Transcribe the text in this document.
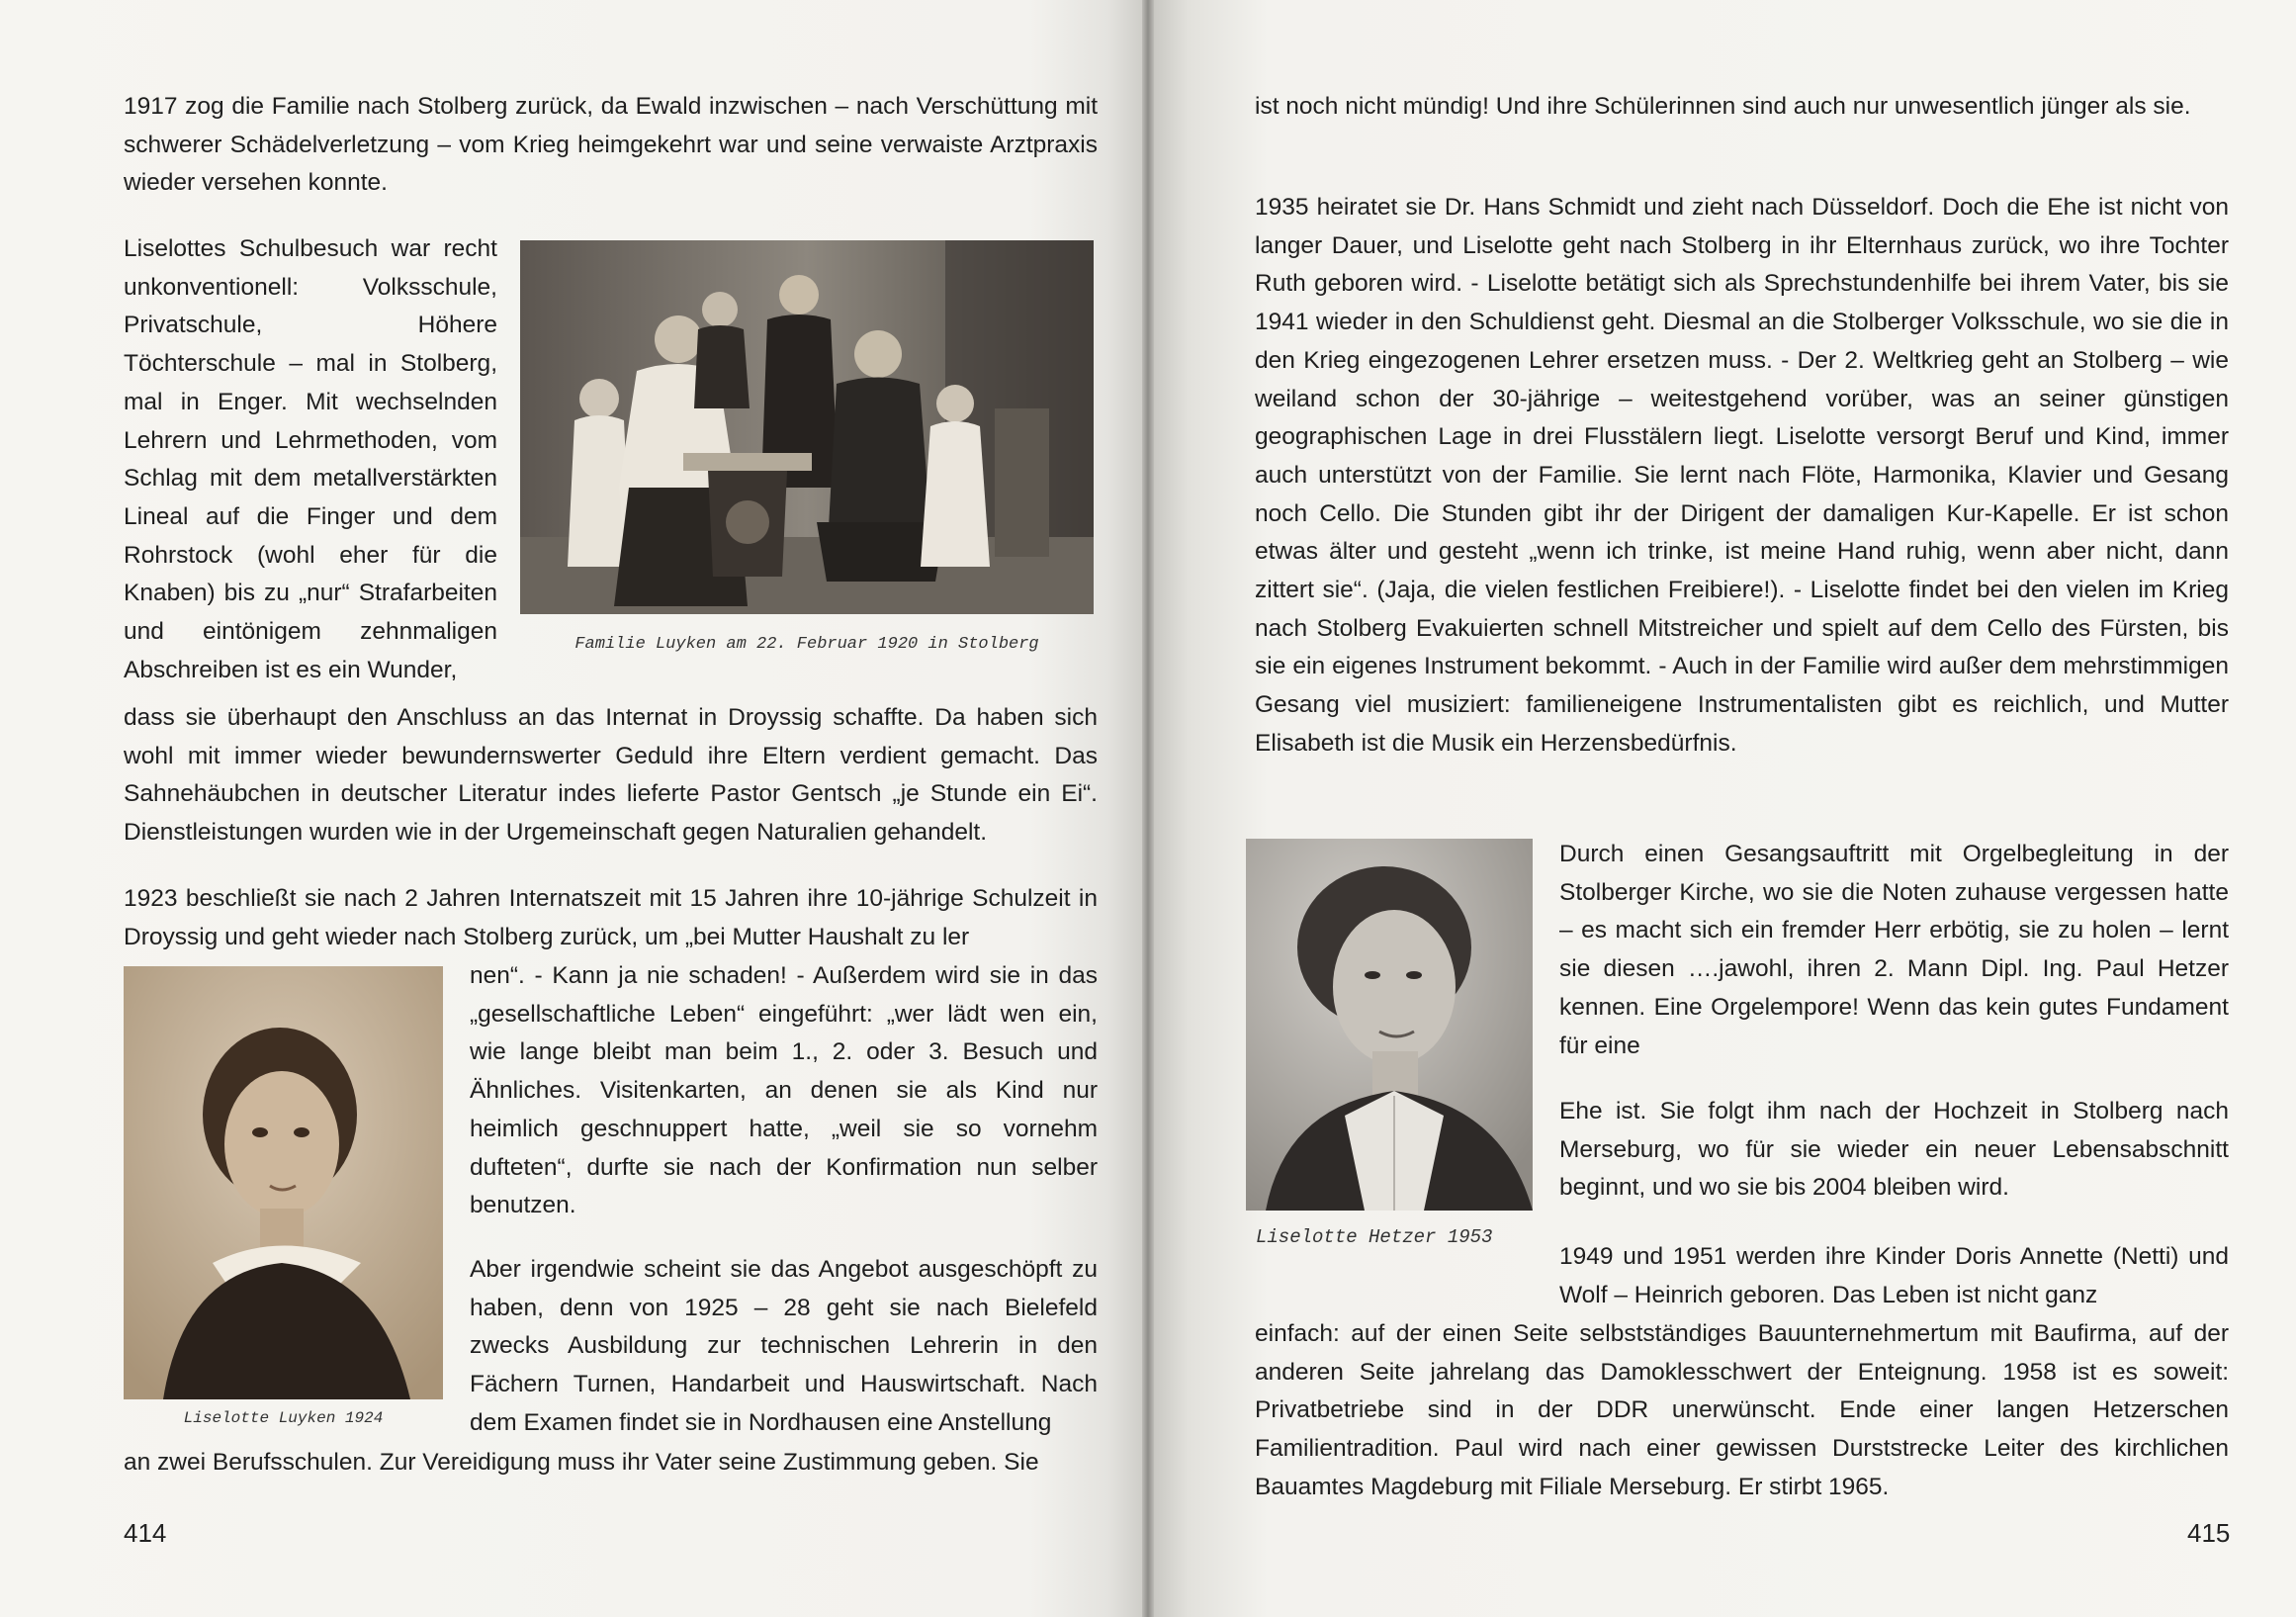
1917 zog die Familie nach Stolberg zurück, da Ewald inzwischen – nach Verschüttung mit schwerer Schädelverletzung – vom Krieg heimgekehrt war und seine verwaiste Arztpraxis wieder versehen konnte.

Liselottes Schulbesuch war recht unkonventionell: Volksschule, Privatschule, Höhere Töchterschule – mal in Stolberg, mal in Enger. Mit wechselnden Lehrern und Lehrmethoden, vom Schlag mit dem metallverstärkten Lineal auf die Finger und dem Rohrstock (wohl eher für die Knaben) bis zu „nur“ Strafarbeiten und eintönigem zehnmaligen Abschreiben ist es ein Wunder,

Familie Luyken am 22. Februar 1920 in Stolberg

dass sie überhaupt den Anschluss an das Internat in Droyssig schaffte. Da haben sich wohl mit immer wieder bewundernswerter Geduld ihre Eltern verdient gemacht. Das Sahnehäubchen in deutscher Literatur indes lieferte Pastor Gentsch „je Stunde ein Ei“. Dienstleistungen wurden wie in der Urgemeinschaft gegen Naturalien gehandelt.

1923 beschließt sie nach 2 Jahren Internatszeit mit 15 Jahren ihre 10-jährige Schulzeit in Droyssig und geht wieder nach Stolberg zurück, um „bei Mutter Haushalt zu ler

Liselotte Luyken 1924

nen“. - Kann ja nie schaden! - Außerdem wird sie in das „gesellschaftliche Leben“ eingeführt: „wer lädt wen ein, wie lange bleibt man beim 1., 2. oder 3. Besuch und Ähnliches. Visitenkarten, an denen sie als Kind nur heimlich geschnuppert hatte, „weil sie so vornehm dufteten“, durfte sie nach der Konfirmation nun selber benutzen.

Aber irgendwie scheint sie das Angebot ausgeschöpft zu haben, denn von 1925 – 28 geht sie nach Bielefeld zwecks Ausbildung zur technischen Lehrerin in den Fächern Turnen, Handarbeit und Hauswirtschaft. Nach dem Examen findet sie in Nordhausen eine Anstellung

an zwei Berufsschulen. Zur Vereidigung muss ihr Vater seine Zustimmung geben. Sie

414

ist noch nicht mündig! Und ihre Schülerinnen sind auch nur unwesentlich jünger als sie.

1935 heiratet sie Dr. Hans Schmidt und zieht nach Düsseldorf. Doch die Ehe ist nicht von langer Dauer, und Liselotte geht nach Stolberg in ihr Elternhaus zurück, wo ihre Tochter Ruth geboren wird. - Liselotte betätigt sich als Sprechstundenhilfe bei ihrem Vater, bis sie 1941 wieder in den Schuldienst geht. Diesmal an die Stolberger Volksschule, wo sie die in den Krieg eingezogenen Lehrer ersetzen muss. - Der 2. Weltkrieg geht an Stolberg – wie weiland schon der 30-jährige – weitestgehend vorüber, was an seiner günstigen geographischen Lage in drei Flusstälern liegt. Liselotte versorgt Beruf und Kind, immer auch unterstützt von der Familie. Sie lernt nach Flöte, Harmonika, Klavier und Gesang noch Cello. Die Stunden gibt ihr der Dirigent der damaligen Kur-Kapelle. Er ist schon etwas älter und gesteht „wenn ich trinke, ist meine Hand ruhig, wenn aber nicht, dann zittert sie“. (Jaja, die vielen festlichen Freibiere!). - Liselotte findet bei den vielen im Krieg nach Stolberg Evakuierten schnell Mitstreicher und spielt auf dem Cello des Fürsten, bis sie ein eigenes Instrument bekommt. - Auch in der Familie wird außer dem mehrstimmigen Gesang viel musiziert: familieneigene Instrumentalisten gibt es reichlich, und Mutter Elisabeth ist die Musik ein Herzensbedürfnis.

Liselotte Hetzer 1953

Durch einen Gesangsauftritt mit Orgelbegleitung in der Stolberger Kirche, wo sie die Noten zuhause vergessen hatte – es macht sich ein fremder Herr erbötig, sie zu holen – lernt sie diesen ….jawohl, ihren 2. Mann Dipl. Ing. Paul Hetzer kennen. Eine Orgelempore! Wenn das kein gutes Fundament für eine

Ehe ist. Sie folgt ihm nach der Hochzeit in Stolberg nach Merseburg, wo für sie wieder ein neuer Lebensabschnitt beginnt, und wo sie bis 2004 bleiben wird.

1949 und 1951 werden ihre Kinder Doris Annette (Netti) und Wolf – Heinrich geboren. Das Leben ist nicht ganz

einfach: auf der einen Seite selbstständiges Bauunternehmertum mit Baufirma, auf der anderen Seite jahrelang das Damoklesschwert der Enteignung. 1958 ist es soweit: Privatbetriebe sind in der DDR unerwünscht. Ende einer langen Hetzerschen Familientradition. Paul wird nach einer gewissen Durststrecke Leiter des kirchlichen Bauamtes Magdeburg mit Filiale Merseburg. Er stirbt 1965.

415
